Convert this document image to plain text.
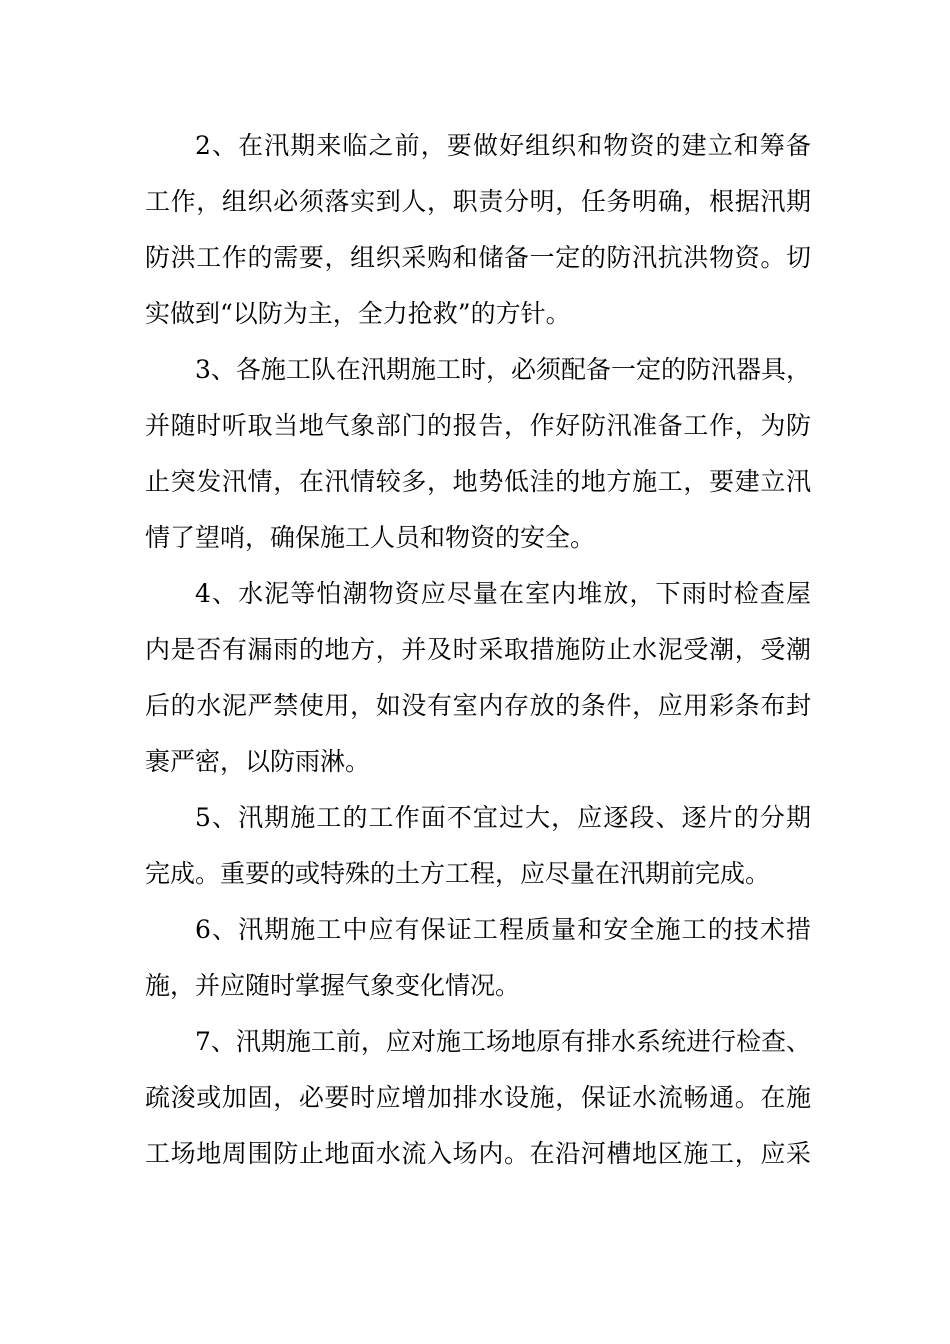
2、在汛期来临之前，要做好组织和物资的建立和筹备
工作，组织必须落实到人，职责分明，任务明确，根据汛期
防洪工作的需要，组织采购和储备一定的防汛抗洪物资。切
实做到“以防为主，全力抢救”的方针。
3、各施工队在汛期施工时，必须配备一定的防汛器具，
并随时听取当地气象部门的报告，作好防汛准备工作，为防
止突发汛情，在汛情较多，地势低洼的地方施工，要建立汛
情了望哨，确保施工人员和物资的安全。
4、水泥等怕潮物资应尽量在室内堆放，下雨时检查屋
内是否有漏雨的地方，并及时采取措施防止水泥受潮，受潮
后的水泥严禁使用，如没有室内存放的条件，应用彩条布封
裹严密，以防雨淋。
5、汛期施工的工作面不宜过大，应逐段、逐片的分期
完成。重要的或特殊的土方工程，应尽量在汛期前完成。
6、汛期施工中应有保证工程质量和安全施工的技术措
施，并应随时掌握气象变化情况。
7、汛期施工前，应对施工场地原有排水系统进行检查、
疏浚或加固，必要时应增加排水设施，保证水流畅通。在施
工场地周围防止地面水流入场内。在沿河槽地区施工，应采
